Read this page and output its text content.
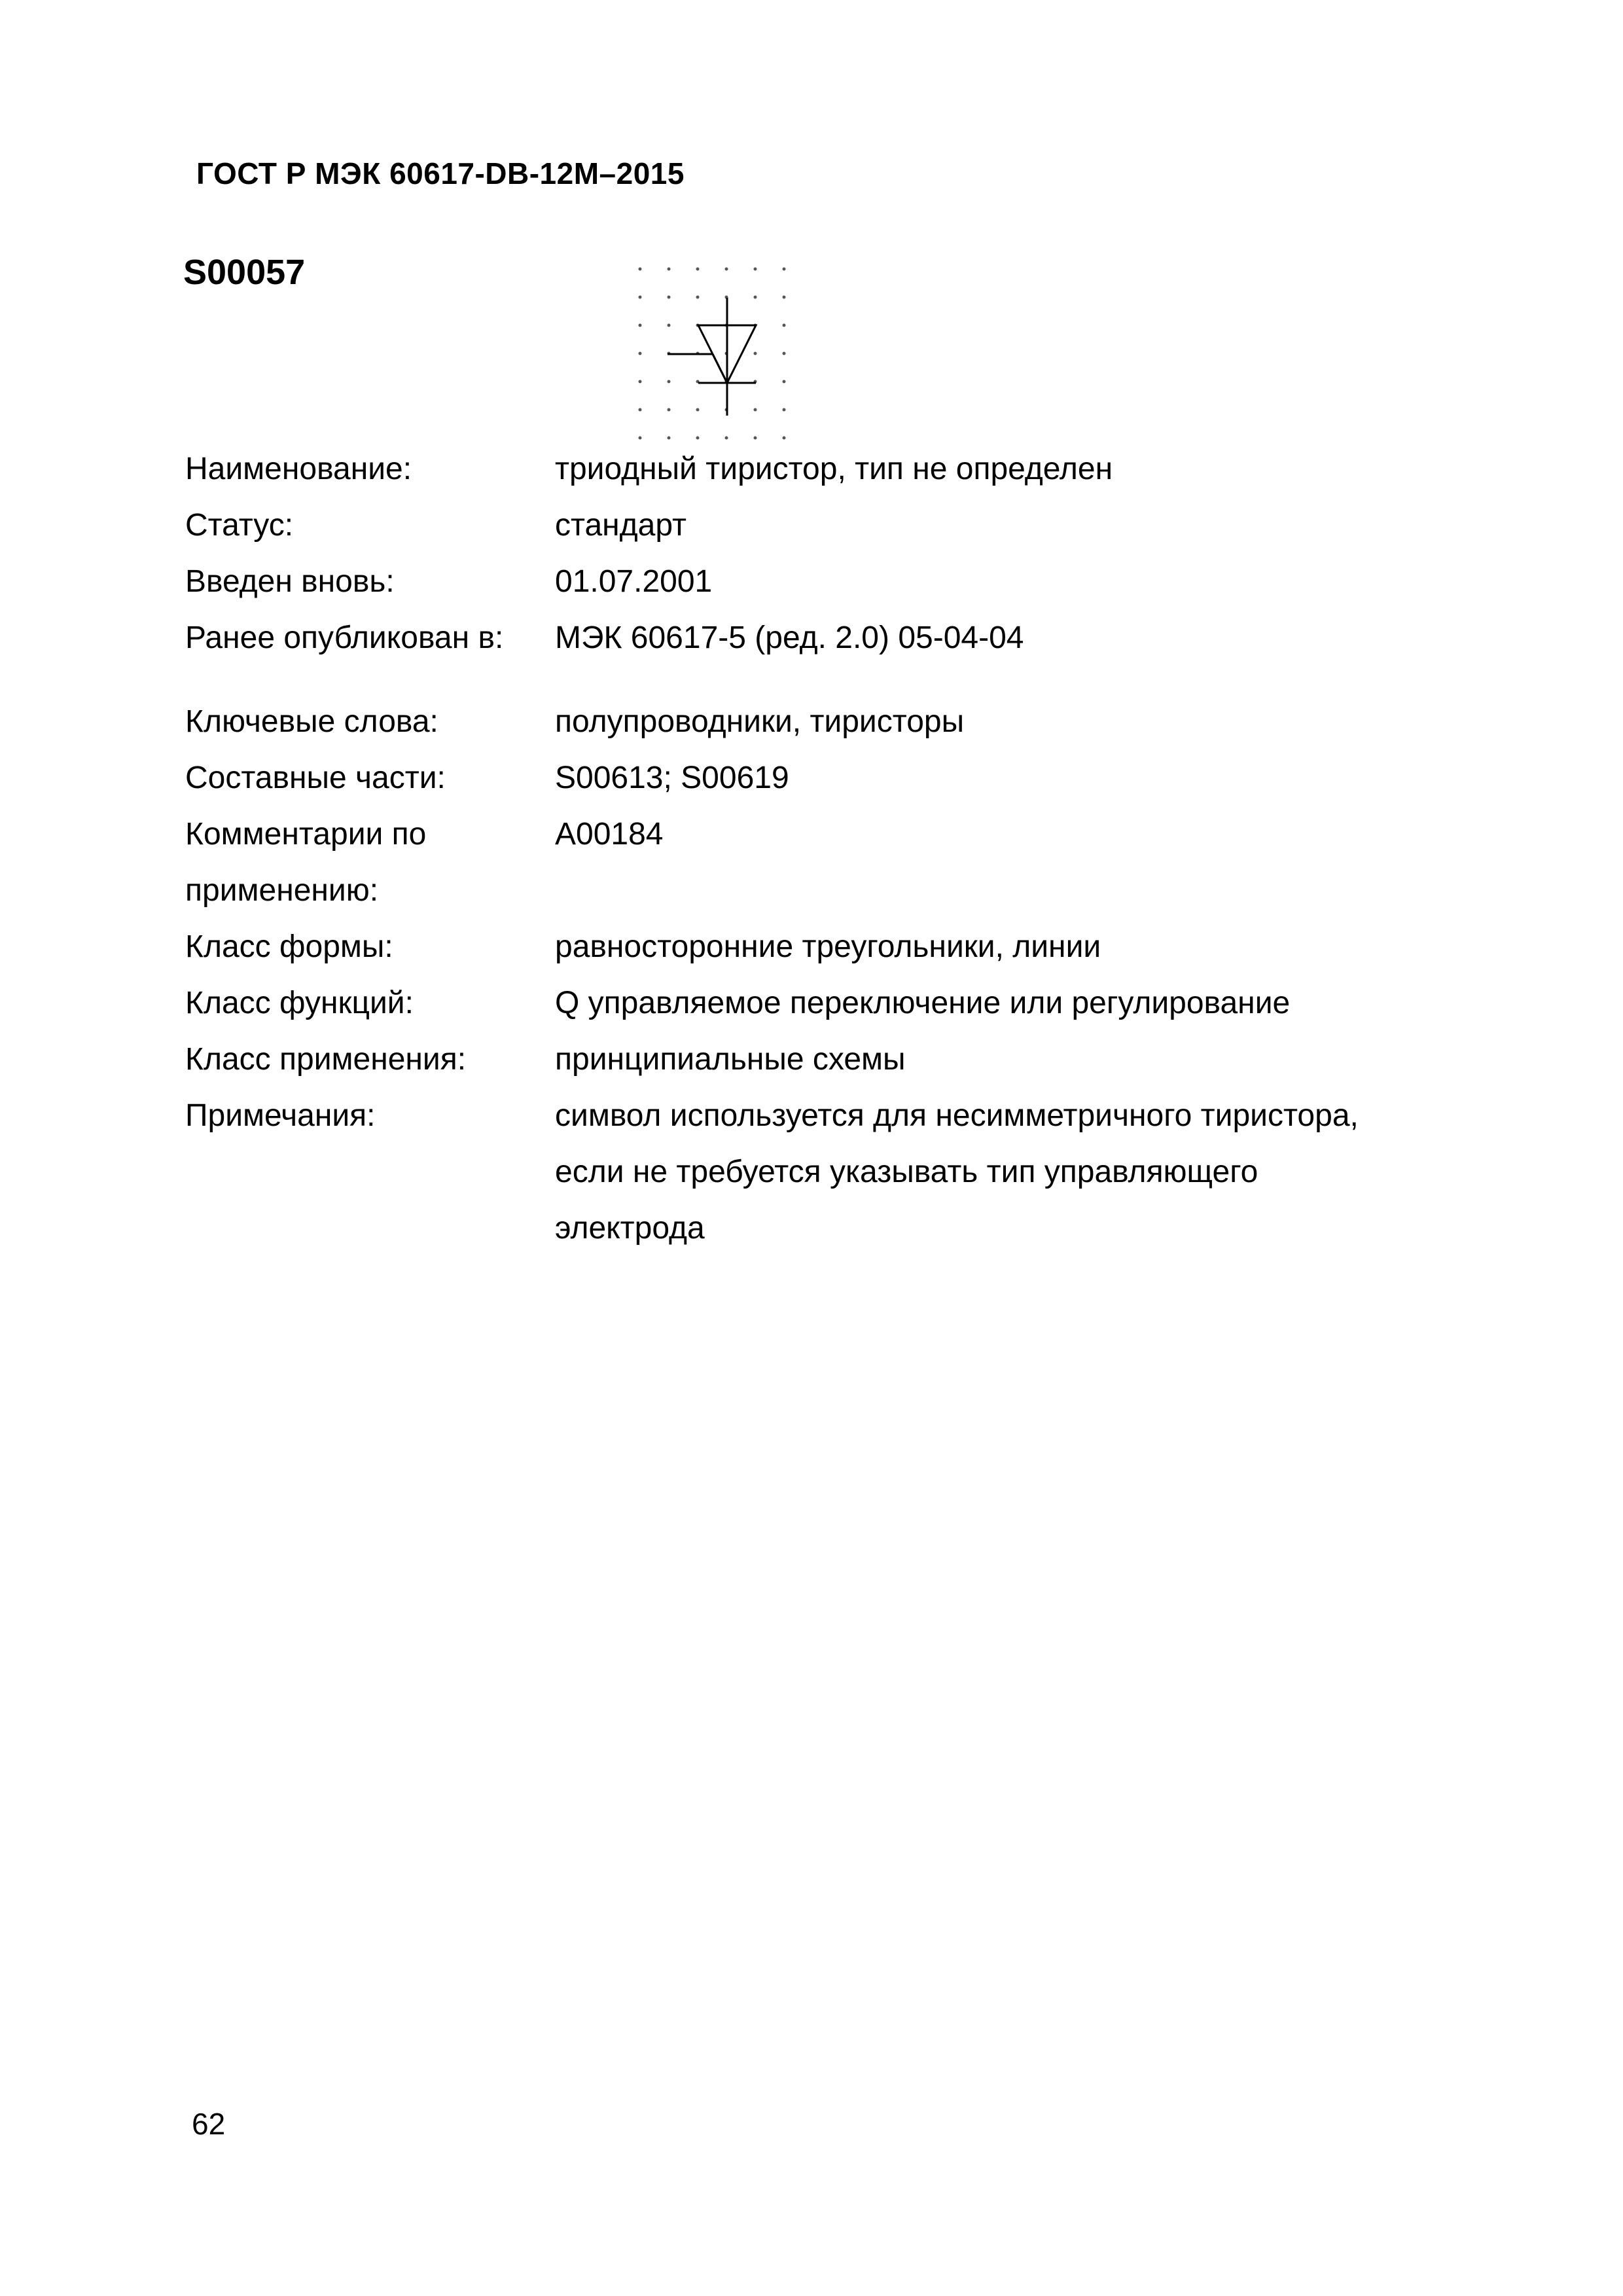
ГОСТ Р МЭК 60617-DB-12M–2015
S00057
Наименование:	триодный тиристор, тип не определен
Статус:	стандарт
Введен вновь:	01.07.2001
Ранее опубликован в: МЭК 60617-5 (ред. 2.0) 05-04-04
Ключевые слова:	полупроводники, тиристоры
Составные части:	S00613; S00619
Комментарии по	A00184
применению:
Класс формы:	равносторонние треугольники, линии
Класс функций:	Q управляемое переключение или регулирование
Класс применения:	принципиальные схемы
Примечания:	символ используется для несимметричного тиристора,
если не требуется указывать тип управляющего
электрода
62
